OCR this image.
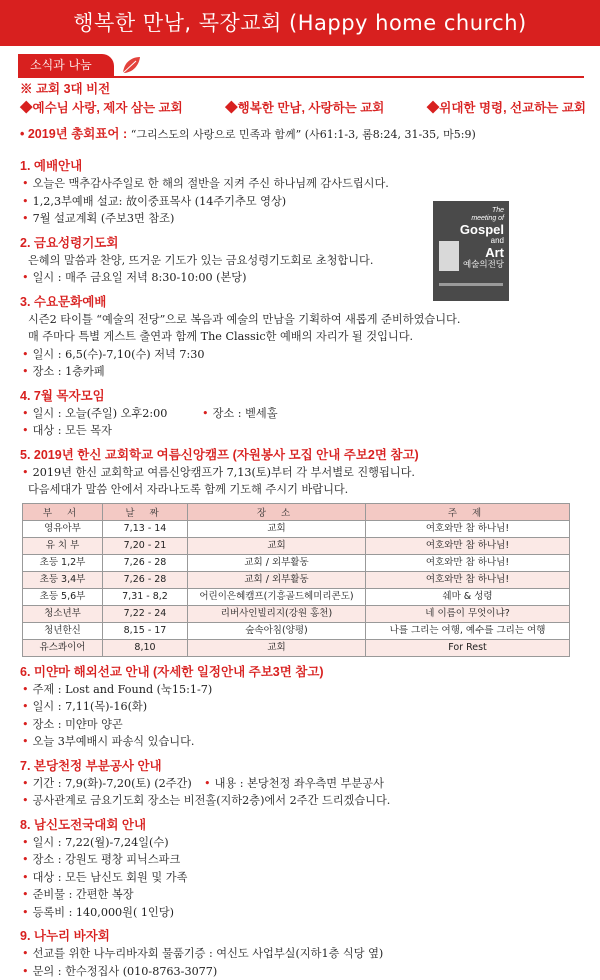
행복한 만남, 목장교회 (Happy home church)
소식과 나눔
※ 교회 3대 비전
◆예수님 사랑, 제자 삼는 교회	◆행복한 만남, 사랑하는 교회	◆위대한 명령, 선교하는 교회
• 2019년 총회표어 : “그리스도의 사랑으로 민족과 함께” (사61:1-3, 롬8:24, 31-35, 마5:9)
1. 예배안내
• 오늘은 맥추감사주일로 한 해의 절반을 지켜 주신 하나님께 감사드립시다.
• 1,2,3부예배 설교: 故이중표목사 (14주기추모 영상)
• 7월 설교계획 (주보3면 참조)
2. 금요성령기도회
은혜의 말씀과 찬양, 뜨거운 기도가 있는 금요성령기도회로 초청합니다.
• 일시 : 매주 금요일 저녁 8:30-10:00 (본당)
3. 수요문화예배
시즌2 타이틀 “예술의 전당”으로 복음과 예술의 만남을 기획하여 새롭게 준비하였습니다.
매 주마다 특별 게스트 출연과 함께 The Classic한 예배의 자리가 될 것입니다.
• 일시 : 6,5(수)-7,10(수) 저녁 7:30
• 장소 : 1층카페
4. 7월 목자모임
• 일시 : 오늘(주일) 오후2:00	• 장소 : 벧세홀
• 대상 : 모든 목자
5. 2019년 한신 교회학교 여름신앙캠프 (자원봉사 모집 안내 주보2면 참고)
• 2019년 한신 교회학교 여름신앙캠프가 7,13(토)부터 각 부서별로 진행됩니다.
다음세대가 말씀 안에서 자라나도록 함께 기도해 주시기 바랍니다.
부 서	날 짜	장 소	주 제
영유아부	7,13 - 14	교회	여호와만 참 하나님!
유 치 부	7,20 - 21	교회	여호와만 참 하나님!
초등 1,2부	7,26 - 28	교회 / 외부활동	여호와만 참 하나님!
초등 3,4부	7,26 - 28	교회 / 외부활동	여호와만 참 하나님!
초등 5,6부	7,31 - 8,2	어린이은혜캠프(기흥골드헤미리콘도)	쉐마 & 성령
청소년부	7,22 - 24	리버사인빌리지(강원 홍천)	네 이름이 무엇이냐?
청년한신	8,15 - 17	숲속아침(양평)	나를 그리는 여행, 예수를 그리는 여행
유스콰이어	8,10	교회	For Rest
6. 미얀마 해외선교 안내 (자세한 일정안내 주보3면 참고)
• 주제 : Lost and Found (눅15:1-7)
• 일시 : 7,11(목)-16(화)
• 장소 : 미얀마 양곤
• 오늘 3부예배시 파송식 있습니다.
7. 본당천정 부분공사 안내
• 기간 : 7,9(화)-7,20(토) (2주간)	• 내용 : 본당천정 좌우측면 부분공사
• 공사관계로 금요기도회 장소는 비전홀(지하2층)에서 2주간 드리겠습니다.
8. 남신도전국대회 안내
• 일시 : 7,22(월)-7,24일(수)
• 장소 : 강원도 평창 피닉스파크
• 대상 : 모든 남신도 회원 및 가족
• 준비물 : 간편한 복장
• 등록비 : 140,000원( 1인당)
9. 나누리 바자회
• 선교를 위한 나누리바자회 물품기증 : 여신도 사업부실(지하1층 식당 옆)
• 문의 : 한수정집사 (010-8763-3077)
The
meeting of
Gospel
and
Art
예술의전당
